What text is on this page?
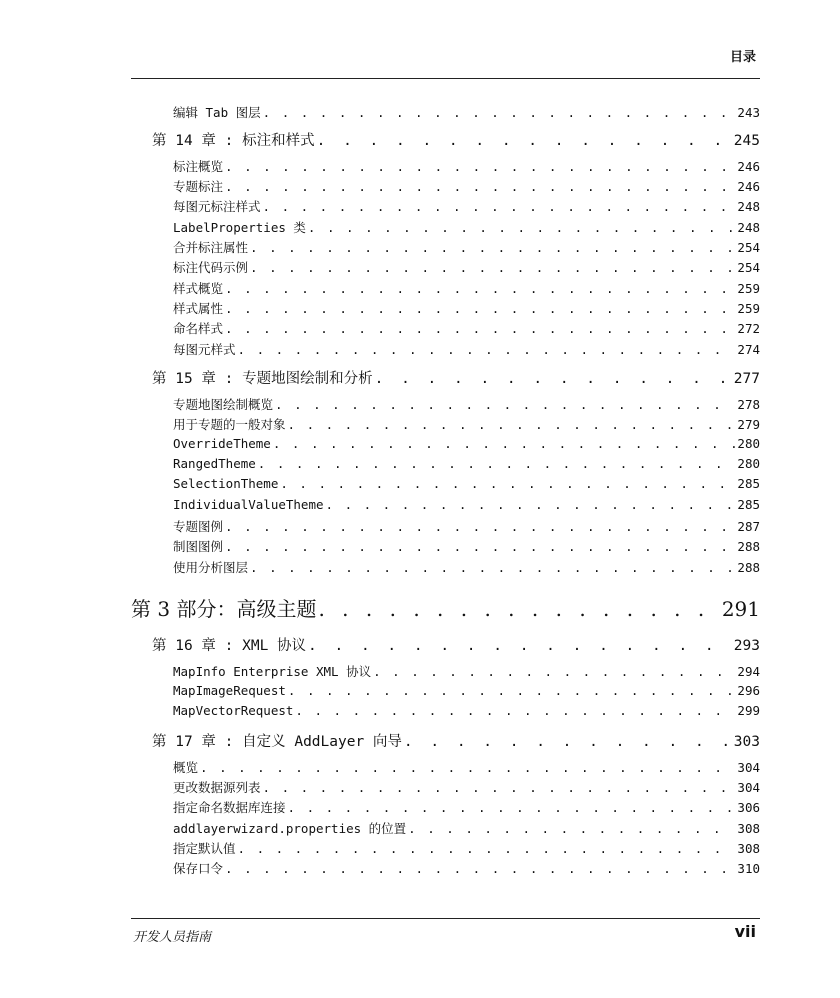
目录
编辑 Tab 图层 . . .	243
第 14 章 : 标注和样式 . . .	245
标注概览 . . .	246
专题标注 . . .	246
每图元标注样式 . . .	248
LabelProperties 类 . . .	248
合并标注属性 . . .	254
标注代码示例 . . .	254
样式概览 . . .	259
样式属性 . . .	259
命名样式 . . .	272
每图元样式 . . .	274
第 15 章 : 专题地图绘制和分析 . . .	277
专题地图绘制概览 . . .	278
用于专题的一般对象 . . .	279
OverrideTheme . . .	280
RangedTheme . . .	280
SelectionTheme . . .	285
IndividualValueTheme . . .	285
专题图例 . . .	287
制图图例 . . .	288
使用分析图层 . . .	288
第 3 部分：高级主题 . . .	291
第 16 章 : XML 协议 . . .	293
MapInfo Enterprise XML 协议 . . .	294
MapImageRequest . . .	296
MapVectorRequest . . .	299
第 17 章 : 自定义 AddLayer 向导 . . .	303
概览 . . .	304
更改数据源列表 . . .	304
指定命名数据库连接 . . .	306
addlayerwizard.properties 的位置 . . .	308
指定默认值 . . .	308
保存口令 . . .	310
开发人员指南	vii
